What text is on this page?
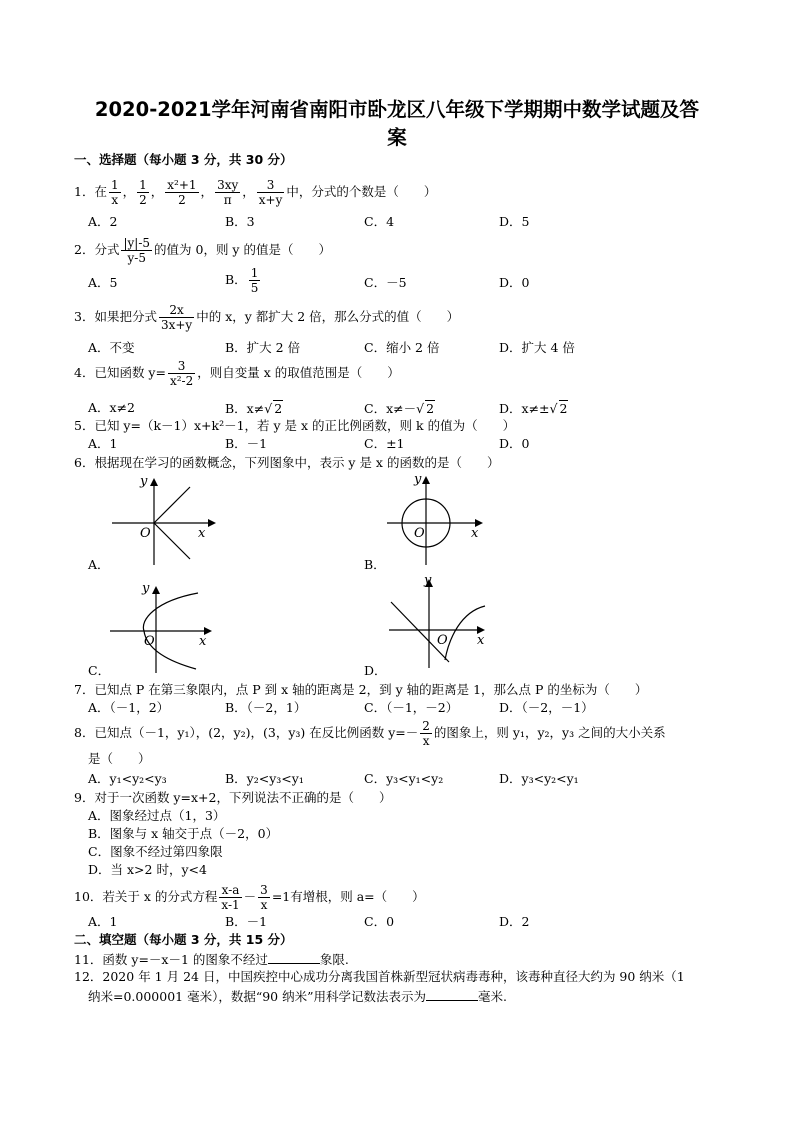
2020-2021学年河南省南阳市卧龙区八年级下学期期中数学试题及答
案
一、选择题（每小题 3 分，共 30 分）
1．在 $\frac{1}{x}$ ， $\frac{1}{2}$ ， $\frac{\text{x²+1}}{2}$ ， $\frac{3xy}{\pi}$ ， $\frac{3}{x+y}$ 中，分式的个数是（　　）
A．2	B．3	C．4	D．5
2．分式 $\frac{|y|-5}{y-5}$ 的值为 0，则 y 的值是（　　）
A．5	B． $\frac{1}{5}$	C．－5	D．0
3．如果把分式 $\frac{2x}{3x+y}$ 中的 x，y 都扩大 2 倍，那么分式的值（　　）
A．不变	B．扩大 2 倍	C．缩小 2 倍	D．扩大 4 倍
4．已知函数 $y= \frac{3}{\text{x²-2}}$ ，则自变量 x 的取值范围是（　　）
A．x≠2	B．x≠√ 2	C．x≠－√ 2	D．x≠±√ 2
5．已知 y=（k－1）x+k²－1，若 y 是 x 的正比例函数，则 k 的值为（　　）
A．1	B．－1	C．±1	D．0
6．根据现在学习的函数概念，下列图象中，表示 y 是 x 的函数的是（　　）
x
y
O
A．
x
y
O
B．
x
y
O
C．
x
y
O
D．
7．已知点 P 在第三象限内，点 P 到 x 轴的距离是 2，到 y 轴的距离是 1，那么点 P 的坐标为（　　）
A．（－1，2）	B．（－2，1）	C．（－1，－2）	D．（－2，－1）
8．已知点（－1，y₁），(2，y₂)，(3，y₃) 在反比例函数 $y=- \frac{2}{x}$ 的图象上，则 y₁，y₂，y₃ 之间的大小关系
是（　　）
A．y₁<y₂<y₃	B．y₂<y₃<y₁	C．y₃<y₁<y₂	D．y₃<y₂<y₁
9．对于一次函数 y=x+2，下列说法不正确的是（　　）
A．图象经过点（1，3）
B．图象与 x 轴交于点（－2，0）
C．图象不经过第四象限
D．当 x>2 时，y<4
10．若关于 x 的分式方程 $\frac{x-a}{x-1} - \frac{3}{x} =1$有增根，则 a=（　　）
A．1	B．－1	C．0	D．2
二、填空题（每小题 3 分，共 15 分）
11．函数 y=－x－1 的图象不经过	象限.
12．2020 年 1 月 24 日，中国疾控中心成功分离我国首株新型冠状病毒毒种，该毒种直径大约为 90 纳米（1
纳米=0.000001 毫米），数据“90 纳米”用科学记数法表示为	毫米.
